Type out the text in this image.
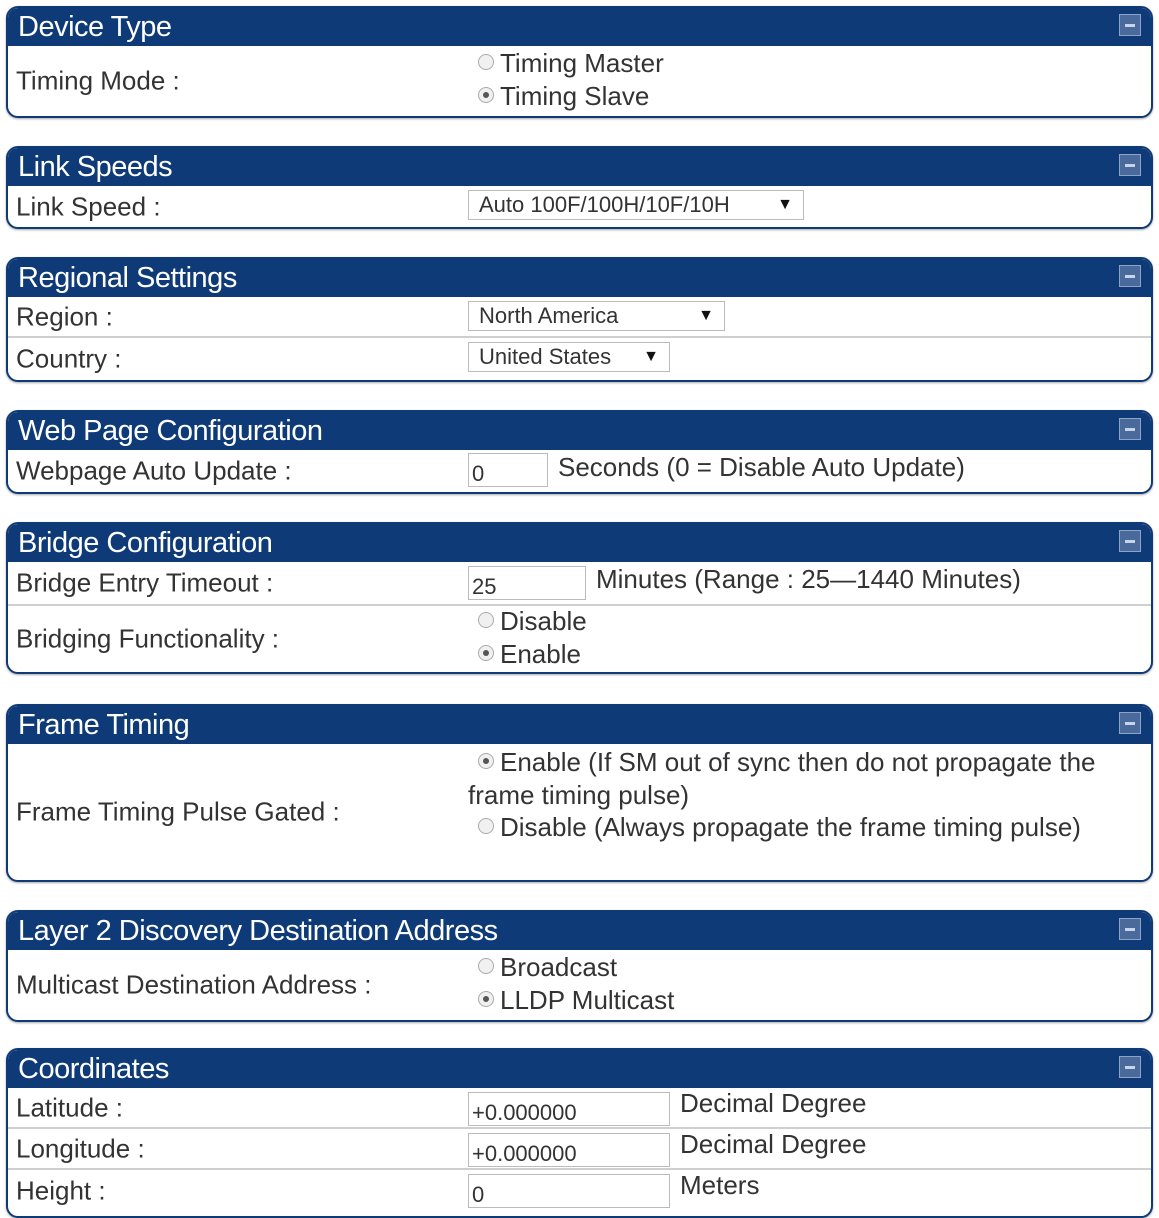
Device Type
Timing Mode :
Timing Master
Timing Slave
Link Speeds
Link Speed :	Auto 100F/100H/10F/10H	▼
Regional Settings
Region :	North America	▼
Country :	United States ▼
Web Page Configuration
Webpage Auto Update :	0	Seconds (0 = Disable Auto Update)
Bridge Configuration
Bridge Entry Timeout :	25	Minutes (Range : 25—1440 Minutes)
Bridging Functionality :
Disable
Enable
Frame Timing
Frame Timing Pulse Gated :
Enable (If SM out of sync then do not propagate the frame timing pulse)
Disable (Always propagate the frame timing pulse)
Layer 2 Discovery Destination Address
Multicast Destination Address :
Broadcast
LLDP Multicast
Coordinates
Latitude :	+0.000000	Decimal Degree
Longitude :	+0.000000	Decimal Degree
Height :	0	Meters
